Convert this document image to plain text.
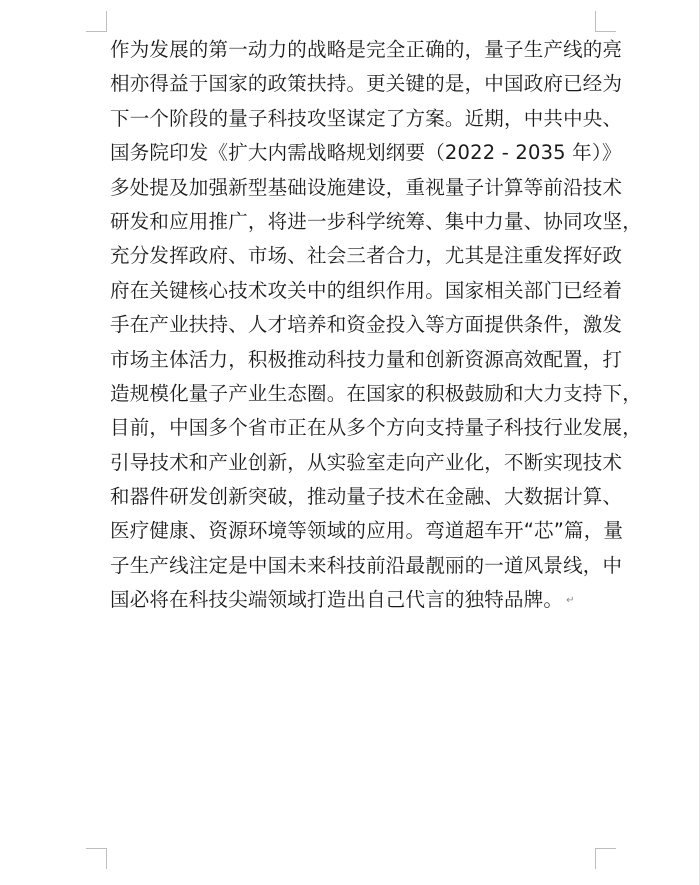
作为发展的第一动力的战略是完全正确的，量子生产线的亮
相亦得益于国家的政策扶持。更关键的是，中国政府已经为
下一个阶段的量子科技攻坚谋定了方案。近期，中共中央、
国务院印发《扩大内需战略规划纲要（2022 - 2035 年）》
多处提及加强新型基础设施建设，重视量子计算等前沿技术
研发和应用推广，将进一步科学统筹、集中力量、协同攻坚，
充分发挥政府、市场、社会三者合力，尤其是注重发挥好政
府在关键核心技术攻关中的组织作用。国家相关部门已经着
手在产业扶持、人才培养和资金投入等方面提供条件，激发
市场主体活力，积极推动科技力量和创新资源高效配置，打
造规模化量子产业生态圈。在国家的积极鼓励和大力支持下，
目前，中国多个省市正在从多个方向支持量子科技行业发展，
引导技术和产业创新，从实验室走向产业化，不断实现技术
和器件研发创新突破，推动量子技术在金融、大数据计算、
医疗健康、资源环境等领域的应用。弯道超车开“芯”篇，量
子生产线注定是中国未来科技前沿最靓丽的一道风景线，中
国必将在科技尖端领域打造出自己代言的独特品牌。 ↵
